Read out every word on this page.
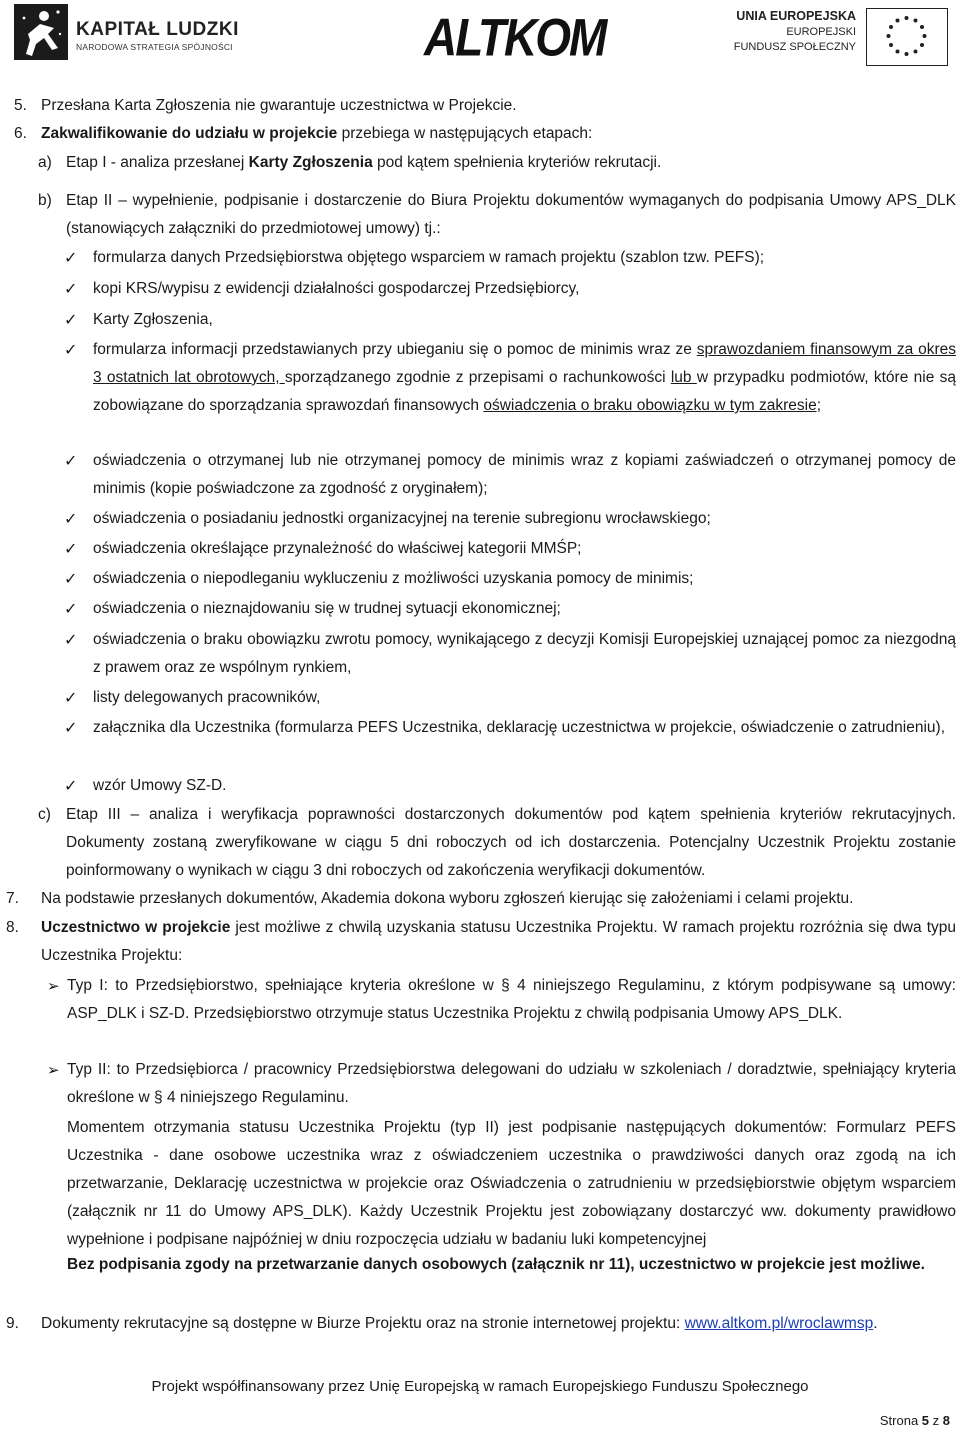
KAPITAŁ LUDZKI
NARODOWA STRATEGIA SPÓJNOŚCI	ALTKOM	UNIA EUROPEJSKA
EUROPEJSKI
FUNDUSZ SPOŁECZNY
5. Przesłana Karta Zgłoszenia nie gwarantuje uczestnictwa w Projekcie.
6. Zakwalifikowanie do udziału w projekcie przebiega w następujących etapach:
a) Etap I - analiza przesłanej Karty Zgłoszenia pod kątem spełnienia kryteriów rekrutacji.
b) Etap II – wypełnienie, podpisanie i dostarczenie do Biura Projektu dokumentów wymaganych do podpisania Umowy APS_DLK (stanowiących załączniki do przedmiotowej umowy) tj.:
✓ formularza danych Przedsiębiorstwa objętego wsparciem w ramach projektu (szablon tzw. PEFS);
✓ kopi KRS/wypisu z ewidencji działalności gospodarczej Przedsiębiorcy,
✓ Karty Zgłoszenia,
✓ formularza informacji przedstawianych przy ubieganiu się o pomoc de minimis wraz ze sprawozdaniem finansowym za okres 3 ostatnich lat obrotowych, sporządzanego zgodnie z przepisami o rachunkowości lub w przypadku podmiotów, które nie są zobowiązane do sporządzania sprawozdań finansowych oświadczenia o braku obowiązku w tym zakresie;
✓ oświadczenia o otrzymanej lub nie otrzymanej pomocy de minimis wraz z kopiami zaświadczeń o otrzymanej pomocy de minimis (kopie poświadczone za zgodność z oryginałem);
✓ oświadczenia o posiadaniu jednostki organizacyjnej na terenie subregionu wrocławskiego;
✓ oświadczenia określające przynależność do właściwej kategorii MMŚP;
✓ oświadczenia o niepodleganiu wykluczeniu z możliwości uzyskania pomocy de minimis;
✓ oświadczenia o nieznajdowaniu się w trudnej sytuacji ekonomicznej;
✓ oświadczenia o braku obowiązku zwrotu pomocy, wynikającego z decyzji Komisji Europejskiej uznającej pomoc za niezgodną z prawem oraz ze wspólnym rynkiem,
✓ listy delegowanych pracowników,
✓ załącznika dla Uczestnika (formularza PEFS Uczestnika, deklarację uczestnictwa w projekcie, oświadczenie o zatrudnieniu),
✓ wzór Umowy SZ-D.
c) Etap III – analiza i weryfikacja poprawności dostarczonych dokumentów pod kątem spełnienia kryteriów rekrutacyjnych. Dokumenty zostaną zweryfikowane w ciągu 5 dni roboczych od ich dostarczenia. Potencjalny Uczestnik Projektu zostanie poinformowany o wynikach w ciągu 3 dni roboczych od zakończenia weryfikacji dokumentów.
7. Na podstawie przesłanych dokumentów, Akademia dokona wyboru zgłoszeń kierując się założeniami i celami projektu.
8. Uczestnictwo w projekcie jest możliwe z chwilą uzyskania statusu Uczestnika Projektu. W ramach projektu rozróżnia się dwa typu Uczestnika Projektu:
➢ Typ I: to Przedsiębiorstwo, spełniające kryteria określone w § 4 niniejszego Regulaminu, z którym podpisywane są umowy: ASP_DLK i SZ-D. Przedsiębiorstwo otrzymuje status Uczestnika Projektu z chwilą podpisania Umowy APS_DLK.
➢ Typ II: to Przedsiębiorca / pracownicy Przedsiębiorstwa delegowani do udziału w szkoleniach / doradztwie, spełniający kryteria określone w § 4 niniejszego Regulaminu.
Momentem otrzymania statusu Uczestnika Projektu (typ II) jest podpisanie następujących dokumentów: Formularz PEFS Uczestnika - dane osobowe uczestnika wraz z oświadczeniem uczestnika o prawdziwości danych oraz zgodą na ich przetwarzanie, Deklarację uczestnictwa w projekcie oraz Oświadczenia o zatrudnieniu w przedsiębiorstwie objętym wsparciem (załącznik nr 11 do Umowy APS_DLK). Każdy Uczestnik Projektu jest zobowiązany dostarczyć ww. dokumenty prawidłowo wypełnione i podpisane najpóźniej w dniu rozpoczęcia udziału w badaniu luki kompetencyjnej
Bez podpisania zgody na przetwarzanie danych osobowych (załącznik nr 11), uczestnictwo w projekcie jest możliwe.
9. Dokumenty rekrutacyjne są dostępne w Biurze Projektu oraz na stronie internetowej projektu: www.altkom.pl/wroclawmsp.
Projekt współfinansowany przez Unię Europejską w ramach Europejskiego Funduszu Społecznego
Strona 5 z 8
